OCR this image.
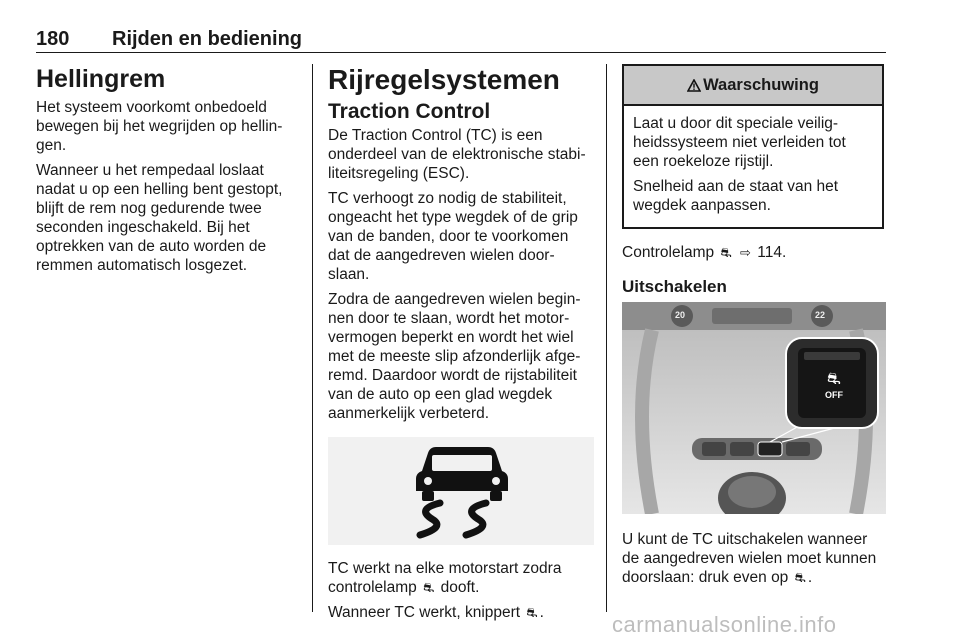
180 Rijden en bediening
Hellingrem

Het systeem voorkomt onbedoeld bewegen bij het wegrijden op hellin-gen.

Wanneer u het rempedaal loslaat nadat u op een helling bent gestopt, blijft de rem nog gedurende twee seconden ingeschakeld. Bij het optrekken van de auto worden de remmen automatisch losgezet.

Rijregelsystemen
Traction Control

De Traction Control (TC) is een onderdeel van de elektronische stabi-liteitsregeling (ESC).

TC verhoogt zo nodig de stabiliteit, ongeacht het type wegdek of de grip van de banden, door te voorkomen dat de aangedreven wielen door-slaan.

Zodra de aangedreven wielen begin-nen door te slaan, wordt het motor-vermogen beperkt en wordt het wiel met de meeste slip afzonderlijk afge-remd. Daardoor wordt de rijstabiliteit van de auto op een glad wegdek aanmerkelijk verbeterd.

TC werkt na elke motorstart zodra controlelamp ⛐ dooft.

Wanneer TC werkt, knippert ⛐ .

Waarschuwing

Laat u door dit speciale veilig-heidssysteem niet verleiden tot een roekeloze rijstijl.

Snelheid aan de staat van het wegdek aanpassen.

Controlelamp ⛐ ⇨ 114.

Uitschakelen
⛐
OFF
20	22

U kunt de TC uitschakelen wanneer de aangedreven wielen moet kunnen doorslaan: druk even op ⛐ .

carmanualsonline.info
